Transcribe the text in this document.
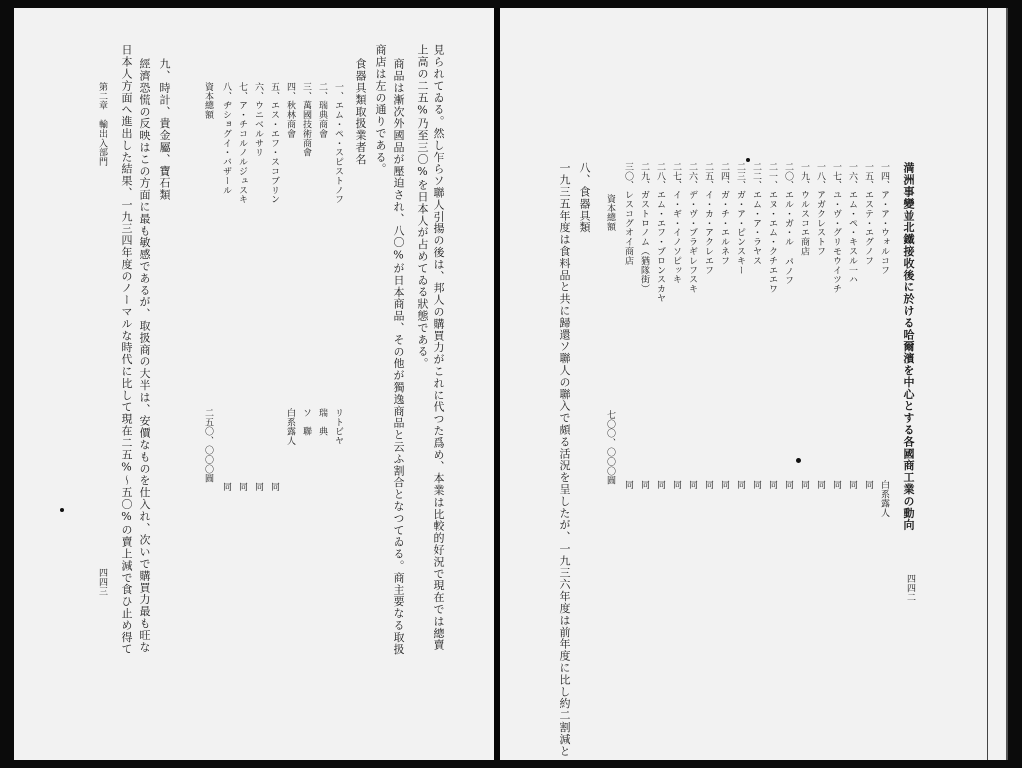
見られてゐる。然し乍らソ聯人引揚の後は、邦人の購買力がこれに代つた爲め、本業は比較的好況で現在では總賣
上高の二五%乃至三〇%を日本人が占めてゐる狀態である。
商品は漸次外國品が壓迫され、八〇%が日本商品、その他が獨逸商品と云ふ割合となつてゐる。商主要なる取扱
商店は左の通りである。
食器具類取扱業者名
一、エム・ペ・スピストノフ
リトビヤ
二、瑞典商會
瑞　典
三、萬國技術商會
ソ　聯
四、秋林商會
白系露人
五、エス・エフ・スコブリン
同
六、ウニベルサリ
同
七、ア・チコルノルジュスキ
同
八、ヂショグイ・バザール
同
資本總額
二五〇、〇〇〇圓
九、時計、貴金屬、寶石類
經濟恐慌の反映はこの方面に最も敏感であるが、取扱商の大半は、安價なものを仕入れ、次いで購買力最も旺な
日本人方面へ進出した結果、一九三四年度のノーマルな時代に比して現在二五%～五〇%の賣上減で食ひ止め得て
第二章　輸出入部門
四四三
満洲事變並北鐵接收後に於ける哈爾濱を中心とする各國商工業の動向
四四二
一四、ア・ア・ウォルコフ
白系露人
一五、エステ・エグノフ
同
一六、エム・ペ・キスル一ハ
同
一七、ユ・ヴ・グリモウイツチ
同
一八、アガクレストフ
同
一九、ウルスコエ商店
同
二〇、エル・ガ・ル パノフ
同
二一、エヌ・エム・クチエエワ
同
二二、エム・ア・ラヤス
同
二三、ガ・ア・ピンスキー
同
二四、ガ・チ・エルネフ
同
二五、イ・カ・アクレエフ
同
二六、デ・ヴ・ブラギレフスキ
同
二七、イ・ギ・イノソピッキ
同
二八、エム・エフ・ブロンスカヤ
同
二九、ガストロノム（猶隊街）
同
三〇、レスコグオイ商店
同
資本總額
七〇〇、〇〇〇圓
八、食器具類
一九三五年度は食料品と共に歸還ソ聯人の聯入で頗る活況を呈したが、一九三六年度は前年度に比し約二割減と
